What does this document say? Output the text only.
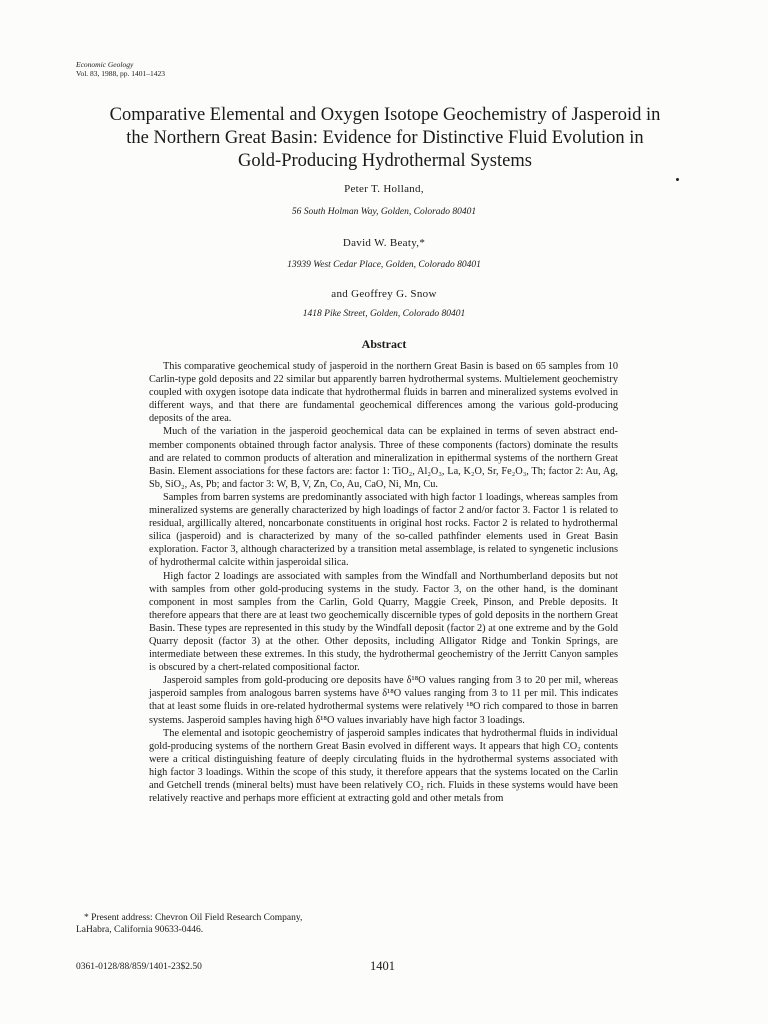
Economic Geology
Vol. 83, 1988, pp. 1401–1423
Comparative Elemental and Oxygen Isotope Geochemistry of Jasperoid in
the Northern Great Basin: Evidence for Distinctive Fluid Evolution in
Gold-Producing Hydrothermal Systems
Peter T. Holland,
56 South Holman Way, Golden, Colorado 80401
David W. Beaty,*
13939 West Cedar Place, Golden, Colorado 80401
and Geoffrey G. Snow
1418 Pike Street, Golden, Colorado 80401
Abstract

This comparative geochemical study of jasperoid in the northern Great Basin is based on 65 samples from 10 Carlin-type gold deposits and 22 similar but apparently barren hydrothermal systems. Multielement geochemistry coupled with oxygen isotope data indicate that hydrothermal fluids in barren and mineralized systems evolved in different ways, and that there are fundamental geochemical differences among the various gold-producing deposits of the area.

Much of the variation in the jasperoid geochemical data can be explained in terms of seven abstract end-member components obtained through factor analysis. Three of these components (factors) dominate the results and are related to common products of alteration and mineralization in epithermal systems of the northern Great Basin. Element associations for these factors are: factor 1: TiO₂, Al₂O₃, La, K₂O, Sr, Fe₂O₃, Th; factor 2: Au, Ag, Sb, SiO₂, As, Pb; and factor 3: W, B, V, Zn, Co, Au, CaO, Ni, Mn, Cu.

Samples from barren systems are predominantly associated with high factor 1 loadings, whereas samples from mineralized systems are generally characterized by high loadings of factor 2 and/or factor 3. Factor 1 is related to residual, argillically altered, noncarbonate constituents in original host rocks. Factor 2 is related to hydrothermal silica (jasperoid) and is characterized by many of the so-called pathfinder elements used in Great Basin exploration. Factor 3, although characterized by a transition metal assemblage, is related to syngenetic inclusions of hydrothermal calcite within jasperoidal silica.

High factor 2 loadings are associated with samples from the Windfall and Northumberland deposits but not with samples from other gold-producing systems in the study. Factor 3, on the other hand, is the dominant component in most samples from the Carlin, Gold Quarry, Maggie Creek, Pinson, and Preble deposits. It therefore appears that there are at least two geochemically discernible types of gold deposits in the northern Great Basin. These types are represented in this study by the Windfall deposit (factor 2) at one extreme and by the Gold Quarry deposit (factor 3) at the other. Other deposits, including Alligator Ridge and Tonkin Springs, are intermediate between these extremes. In this study, the hydrothermal geochemistry of the Jerritt Canyon samples is obscured by a chert-related compositional factor.

Jasperoid samples from gold-producing ore deposits have δ¹⁸O values ranging from 3 to 20 per mil, whereas jasperoid samples from analogous barren systems have δ¹⁸O values ranging from 3 to 11 per mil. This indicates that at least some fluids in ore-related hydrothermal systems were relatively ¹⁸O rich compared to those in barren systems. Jasperoid samples having high δ¹⁸O values invariably have high factor 3 loadings.

The elemental and isotopic geochemistry of jasperoid samples indicates that hydrothermal fluids in individual gold-producing systems of the northern Great Basin evolved in different ways. It appears that high CO₂ contents were a critical distinguishing feature of deeply circulating fluids in the hydrothermal systems associated with high factor 3 loadings. Within the scope of this study, it therefore appears that the systems located on the Carlin and Getchell trends (mineral belts) must have been relatively CO₂ rich. Fluids in these systems would have been relatively reactive and perhaps more efficient at extracting gold and other metals from

* Present address: Chevron Oil Field Research Company,
LaHabra, California 90633-0446.
0361-0128/88/859/1401-23$2.50	1401
